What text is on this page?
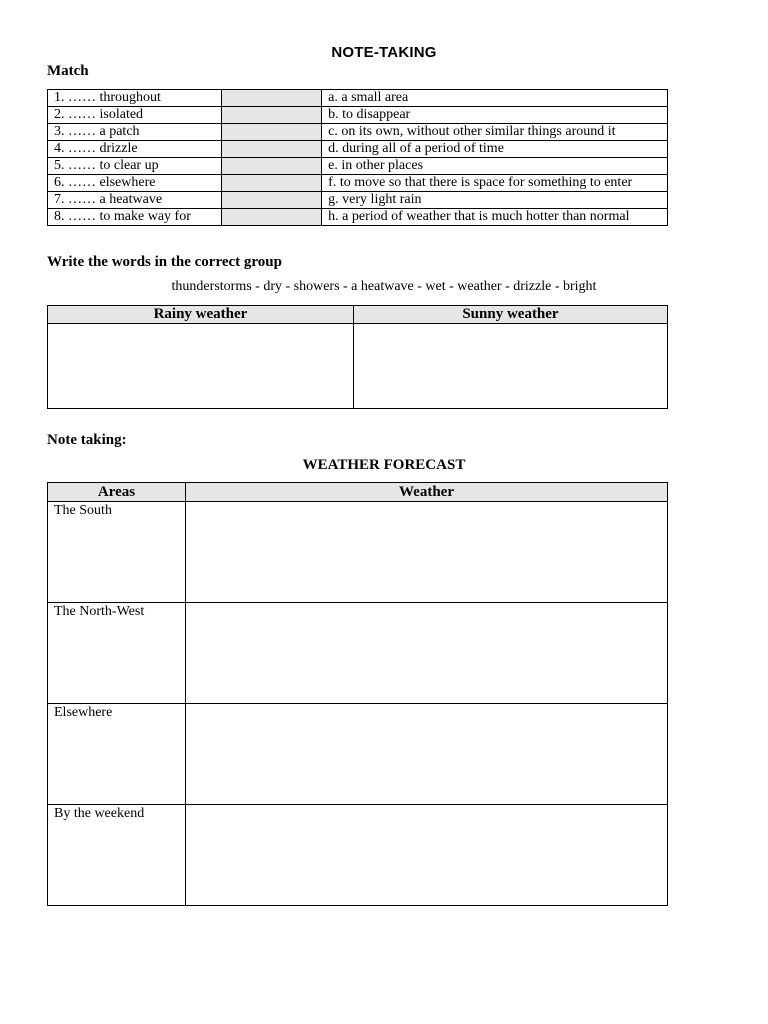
NOTE-TAKING
Match
1. …… throughout		a. a small area
2. …… isolated		b. to disappear
3. …… a patch		c. on its own, without other similar things around it
4. …… drizzle		d. during all of a period of time
5. …… to clear up		e. in other places
6. …… elsewhere		f. to move so that there is space for something to enter
7. …… a heatwave		g. very light rain
8. …… to make way for		h. a period of weather that is much hotter than normal
Write the words in the correct group
thunderstorms - dry - showers - a heatwave - wet - weather - drizzle - bright
Rainy weather	Sunny weather

Note taking:
WEATHER FORECAST
Areas	Weather
The South	
The North-West	
Elsewhere	
By the weekend	
